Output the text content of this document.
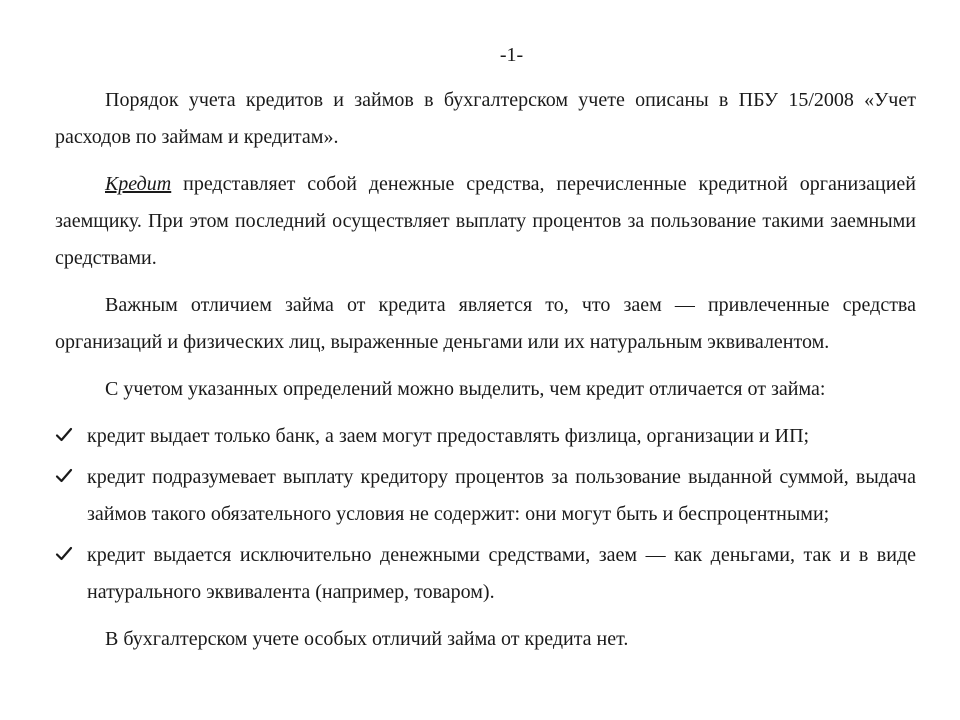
-1-

Порядок учета кредитов и займов в бухгалтерском учете описаны в ПБУ 15/2008 «Учет расходов по займам и кредитам».

Кредит представляет собой денежные средства, перечисленные кредитной организацией заемщику. При этом последний осуществляет выплату процентов за пользование такими заемными средствами.

Важным отличием займа от кредита является то, что заем — привлеченные средства организаций и физических лиц, выраженные деньгами или их натуральным эквивалентом.

С учетом указанных определений можно выделить, чем кредит отличается от займа:

кредит выдает только банк, а заем могут предоставлять физлица, организации и ИП;
кредит подразумевает выплату кредитору процентов за пользование выданной суммой, выдача займов такого обязательного условия не содержит: они могут быть и беспроцентными;
кредит выдается исключительно денежными средствами, заем — как деньгами, так и в виде натурального эквивалента (например, товаром).

В бухгалтерском учете особых отличий займа от кредита нет.
